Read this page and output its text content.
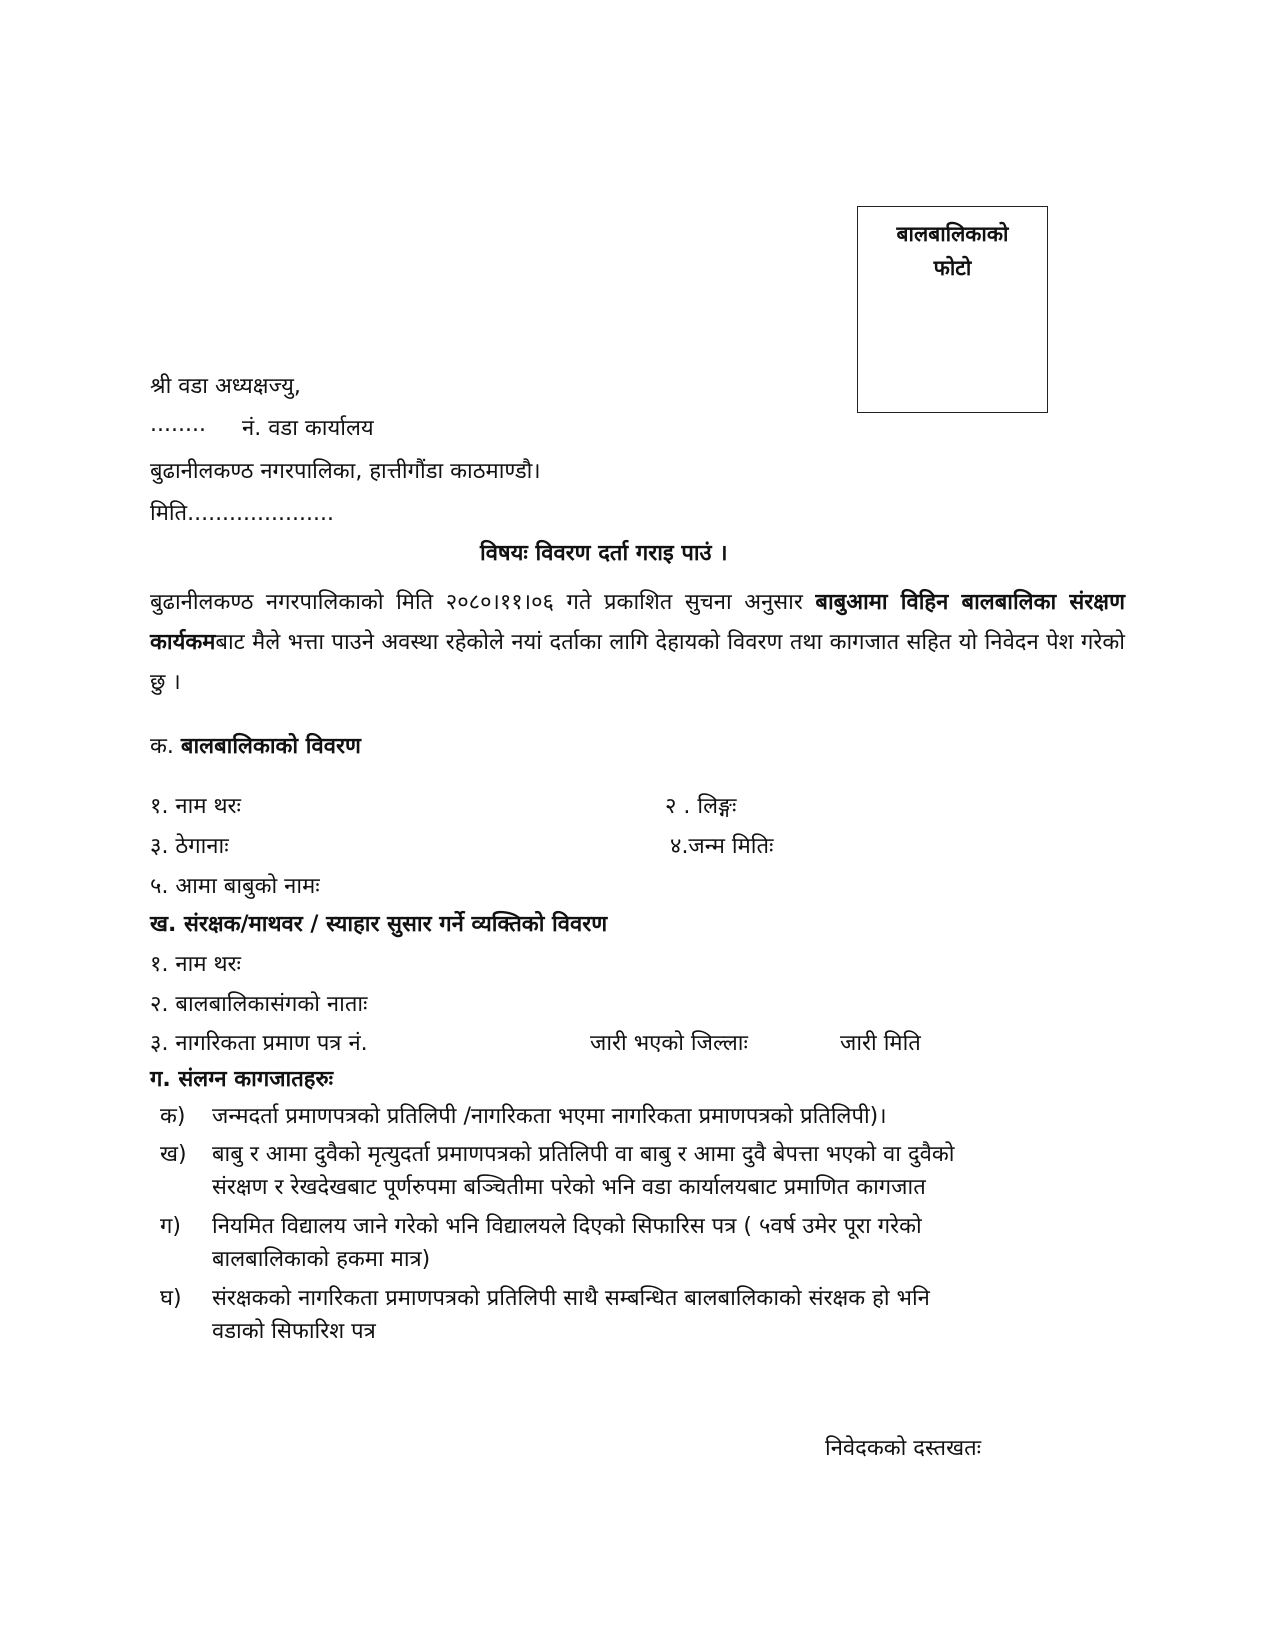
बालबालिकाको
फोटो
श्री वडा अध्यक्षज्यु,
........ नं. वडा कार्यालय
बुढानीलकण्ठ नगरपालिका, हात्तीगौंडा काठमाण्डौ।
मिति.....................
विषयः विवरण दर्ता गराइ पाउं ।
बुढानीलकण्ठ नगरपालिकाको मिति २०८०।११।०६ गते प्रकाशित सुचना अनुसार बाबुआमा विहिन बालबालिका संरक्षण कार्यकमबाट मैले भत्ता पाउने अवस्था रहेकोले नयां दर्ताका लागि देहायको विवरण तथा कागजात सहित यो निवेदन पेश गरेको छु ।
क. बालबालिकाको विवरण
१. नाम थरः	२ . लिङ्गः
३. ठेगानाः	४.जन्म मितिः
५. आमा बाबुको नामः
ख. संरक्षक/माथवर / स्याहार सुसार गर्ने व्यक्तिको विवरण
१. नाम थरः
२. बालबालिकासंगको नाताः
३. नागरिकता प्रमाण पत्र नं.	जारी भएको जिल्लाः	जारी मिति
ग. संलग्न कागजातहरुः
क)	जन्मदर्ता प्रमाणपत्रको प्रतिलिपी /नागरिकता भएमा नागरिकता प्रमाणपत्रको प्रतिलिपी)।
ख)	बाबु र आमा दुवैको मृत्युदर्ता प्रमाणपत्रको प्रतिलिपी वा बाबु र आमा दुवै बेपत्ता भएको वा दुवैको
संरक्षण र रेखदेखबाट पूर्णरुपमा बञ्चितीमा परेको भनि वडा कार्यालयबाट प्रमाणित कागजात
ग)	नियमित विद्यालय जाने गरेको भनि विद्यालयले दिएको सिफारिस पत्र ( ५वर्ष उमेर पूरा गरेको
बालबालिकाको हकमा मात्र)
घ)	संरक्षकको नागरिकता प्रमाणपत्रको प्रतिलिपी साथै सम्बन्धित बालबालिकाको संरक्षक हो भनि
वडाको सिफारिश पत्र
निवेदकको दस्तखतः
